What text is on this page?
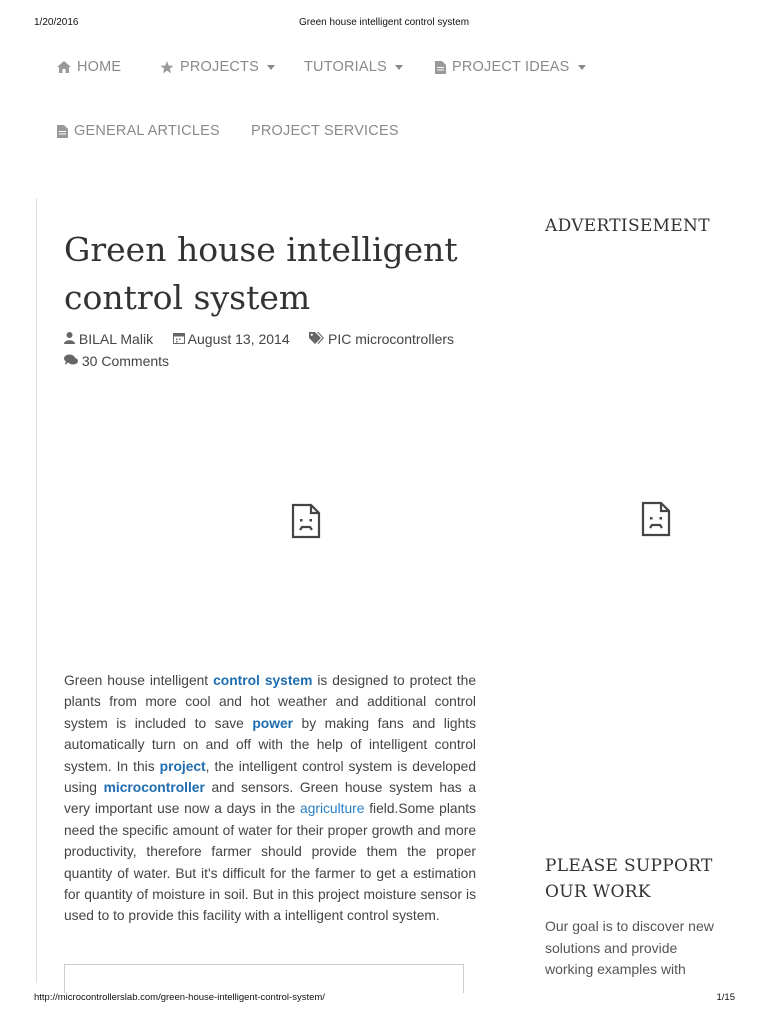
1/20/2016	Green house intelligent control system
HOME	PROJECTS	TUTORIALS	PROJECT IDEAS
GENERAL ARTICLES PROJECT SERVICES
Green house intelligent control system
BILAL Malik August 13, 2014	PIC microcontrollers      30 Comments

Green house intelligent control system is designed to protect the plants from more cool and hot weather and additional control system is included to save power by making fans and lights automatically turn on and off with the help of intelligent control system. In this project, the intelligent control system is developed using microcontroller and sensors. Green house system has a very important use now a days in the agriculture field.Some plants need the specific amount of water for their proper growth and more productivity, therefore farmer should provide them the proper quantity of water. But it's difficult for the farmer to get a estimation for quantity of moisture in soil. But in this project moisture sensor is used to to provide this facility with a intelligent control system.

ADVERTISEMENT
PLEASE SUPPORT OUR WORK

Our goal is to discover new solutions and provide working examples with

http://microcontrollerslab.com/green-house-intelligent-control-system/	1/15
